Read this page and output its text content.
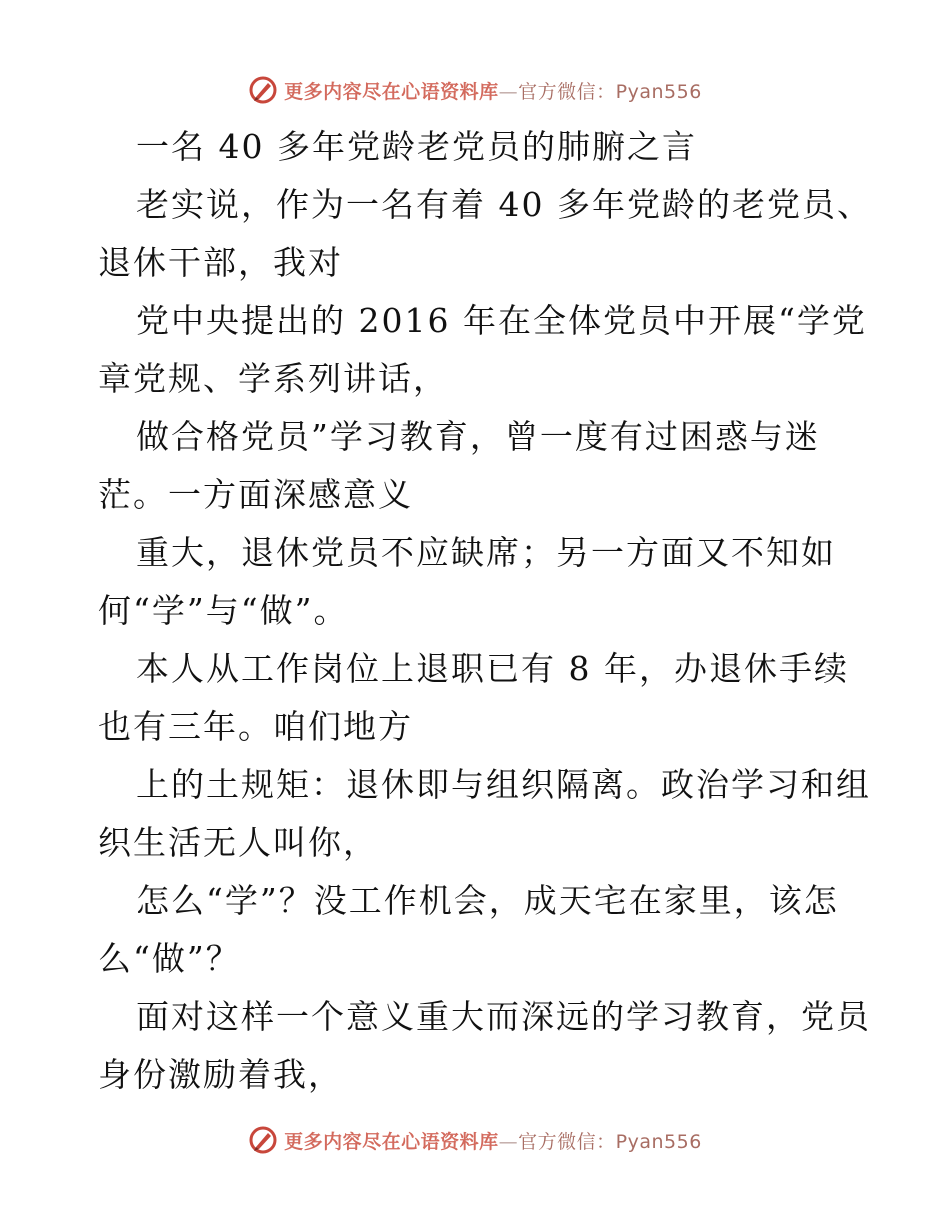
更多内容尽在心语资料库—官方微信：Pyan556
一名 40 多年党龄老党员的肺腑之言
老实说，作为一名有着 40 多年党龄的老党员、
退休干部，我对
党中央提出的 2016 年在全体党员中开展“学党
章党规、学系列讲话，
做合格党员”学习教育，曾一度有过困惑与迷
茫。一方面深感意义
重大，退休党员不应缺席；另一方面又不知如
何“学”与“做”。
本人从工作岗位上退职已有 8 年，办退休手续
也有三年。咱们地方
上的土规矩：退休即与组织隔离。政治学习和组
织生活无人叫你，
怎么“学”？没工作机会，成天宅在家里，该怎
么“做”？
面对这样一个意义重大而深远的学习教育，党员
身份激励着我，
更多内容尽在心语资料库—官方微信：Pyan556
